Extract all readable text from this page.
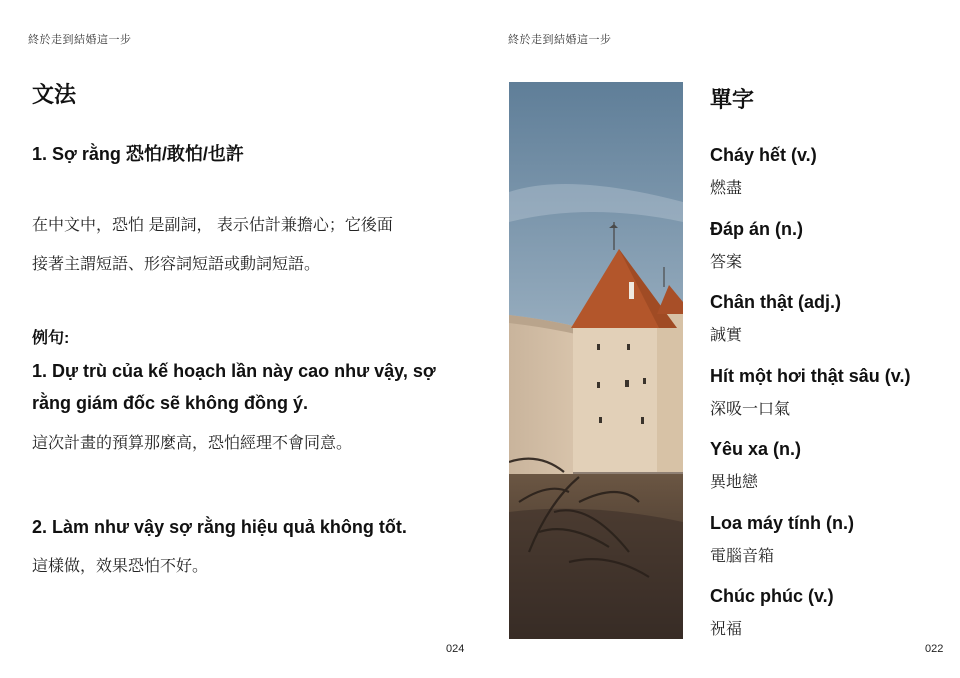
終於走到結婚這一步
文法
1. Sợ rằng 恐怕/敢怕/也許
在中文中，恐怕 是副詞， 表示估計兼擔心；它後面
接著主謂短語、形容詞短語或動詞短語。
例句:
1. Dự trù của kế hoạch lần này cao như vậy, sợ rằng giám đốc sẽ không đồng ý.
這次計畫的預算那麼高，恐怕經理不會同意。
2. Làm như vậy sợ rằng hiệu quả không tốt.
這樣做，效果恐怕不好。
024
終於走到結婚這一步
單字
Cháy hết (v.)
燃盡
Đáp án (n.)
答案
Chân thật (adj.)
誠實
Hít một hơi thật sâu (v.)
深吸一口氣
Yêu xa (n.)
異地戀
Loa máy tính (n.)
電腦音箱
Chúc phúc (v.)
祝福
022
